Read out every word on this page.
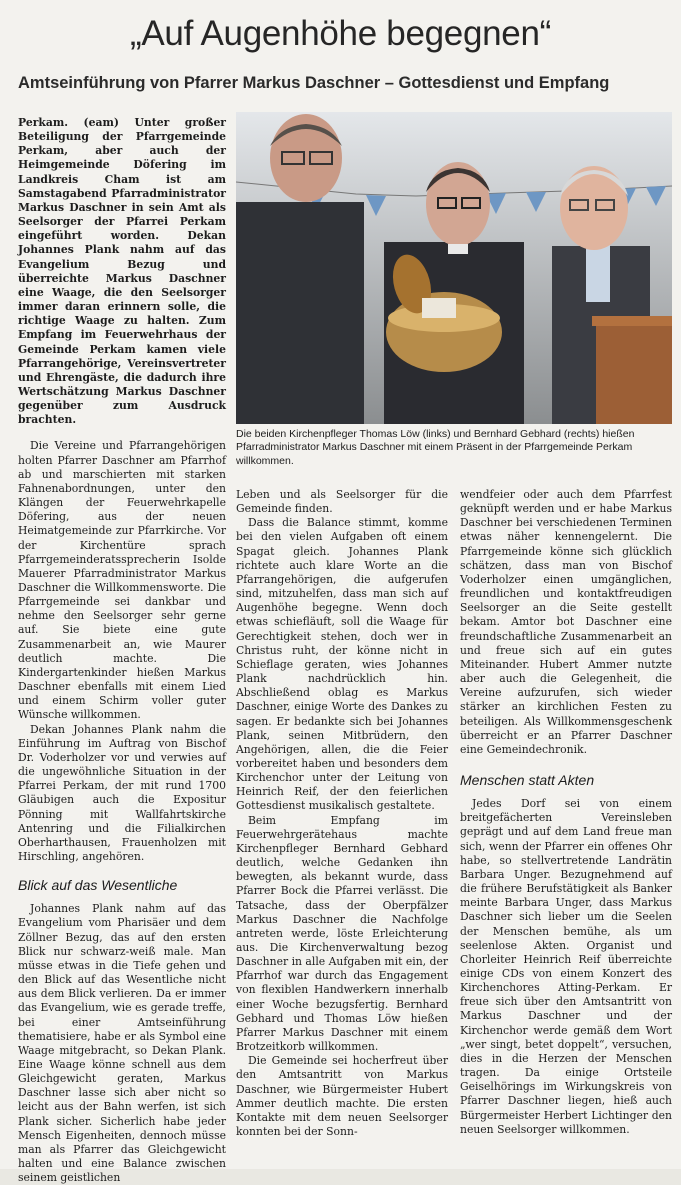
„Auf Augenhöhe begegnen“
Amtseinführung von Pfarrer Markus Daschner – Gottesdienst und Empfang

Perkam. (eam) Unter großer Beteiligung der Pfarrgemeinde Perkam, aber auch der Heimgemeinde Döfering im Landkreis Cham ist am Samstagabend Pfarradministrator Markus Daschner in sein Amt als Seelsorger der Pfarrei Perkam eingeführt worden. Dekan Johannes Plank nahm auf das Evangelium Bezug und überreichte Markus Daschner eine Waage, die den Seelsorger immer daran erinnern solle, die richtige Waage zu halten. Zum Empfang im Feuerwehrhaus der Gemeinde Perkam kamen viele Pfarrangehörige, Vereinsvertreter und Ehrengäste, die dadurch ihre Wertschätzung Markus Daschner gegenüber zum Ausdruck brachten.

Die Vereine und Pfarrangehörigen holten Pfarrer Daschner am Pfarrhof ab und marschierten mit starken Fahnenabordnungen, unter den Klängen der Feuerwehrkapelle Döfering, aus der neuen Heimatgemeinde zur Pfarrkirche. Vor der Kirchentüre sprach Pfarrgemeinderatssprecherin Isolde Mauerer Pfarradministrator Markus Daschner die Willkommensworte. Die Pfarrgemeinde sei dankbar und nehme den Seelsorger sehr gerne auf. Sie biete eine gute Zusammenarbeit an, wie Maurer deutlich machte. Die Kindergartenkinder hießen Markus Daschner ebenfalls mit einem Lied und einem Schirm voller guter Wünsche willkommen.

Dekan Johannes Plank nahm die Einführung im Auftrag von Bischof Dr. Voderholzer vor und verwies auf die ungewöhnliche Situation in der Pfarrei Perkam, der mit rund 1700 Gläubigen auch die Expositur Pönning mit Wallfahrtskirche Antenring und die Filialkirchen Oberharthausen, Frauenholzen mit Hirschling, angehören.

Blick auf das Wesentliche

Johannes Plank nahm auf das Evangelium vom Pharisäer und dem Zöllner Bezug, das auf den ersten Blick nur schwarz-weiß male. Man müsse etwas in die Tiefe gehen und den Blick auf das Wesentliche nicht aus dem Blick verlieren. Da er immer das Evangelium, wie es gerade treffe, bei einer Amtseinführung thematisiere, habe er als Symbol eine Waage mitgebracht, so Dekan Plank. Eine Waage könne schnell aus dem Gleichgewicht geraten, Markus Daschner lasse sich aber nicht so leicht aus der Bahn werfen, ist sich Plank sicher. Sicherlich habe jeder Mensch Eigenheiten, dennoch müsse man als Pfarrer das Gleichgewicht halten und eine Balance zwischen seinem geistlichen

Die beiden Kirchenpfleger Thomas Löw (links) und Bernhard Gebhard (rechts) hießen Pfarradministrator Markus Daschner mit einem Präsent in der Pfarrgemeinde Perkam willkommen.

Leben und als Seelsorger für die Gemeinde finden.

Dass die Balance stimmt, komme bei den vielen Aufgaben oft einem Spagat gleich. Johannes Plank richtete auch klare Worte an die Pfarrangehörigen, die aufgerufen sind, mitzuhelfen, dass man sich auf Augenhöhe begegne. Wenn doch etwas schiefläuft, soll die Waage für Gerechtigkeit stehen, doch wer in Christus ruht, der könne nicht in Schieflage geraten, wies Johannes Plank nachdrücklich hin. Abschließend oblag es Markus Daschner, einige Worte des Dankes zu sagen. Er bedankte sich bei Johannes Plank, seinen Mitbrüdern, den Angehörigen, allen, die die Feier vorbereitet haben und besonders dem Kirchenchor unter der Leitung von Heinrich Reif, der den feierlichen Gottesdienst musikalisch gestaltete.

Beim Empfang im Feuerwehrgerätehaus machte Kirchenpfleger Bernhard Gebhard deutlich, welche Gedanken ihn bewegten, als bekannt wurde, dass Pfarrer Bock die Pfarrei verlässt. Die Tatsache, dass der Oberpfälzer Markus Daschner die Nachfolge antreten werde, löste Erleichterung aus. Die Kirchenverwaltung bezog Daschner in alle Aufgaben mit ein, der Pfarrhof war durch das Engagement von flexiblen Handwerkern innerhalb einer Woche bezugsfertig. Bernhard Gebhard und Thomas Löw hießen Pfarrer Markus Daschner mit einem Brotzeitkorb willkommen.

Die Gemeinde sei hocherfreut über den Amtsantritt von Markus Daschner, wie Bürgermeister Hubert Ammer deutlich machte. Die ersten Kontakte mit dem neuen Seelsorger konnten bei der Sonn-

wendfeier oder auch dem Pfarrfest geknüpft werden und er habe Markus Daschner bei verschiedenen Terminen etwas näher kennengelernt. Die Pfarrgemeinde könne sich glücklich schätzen, dass man von Bischof Voderholzer einen umgänglichen, freundlichen und kontaktfreudigen Seelsorger an die Seite gestellt bekam. Amtor bot Daschner eine freundschaftliche Zusammenarbeit an und freue sich auf ein gutes Miteinander. Hubert Ammer nutzte aber auch die Gelegenheit, die Vereine aufzurufen, sich wieder stärker an kirchlichen Festen zu beteiligen. Als Willkommensgeschenk überreicht er an Pfarrer Daschner eine Gemeindechronik.

Menschen statt Akten

Jedes Dorf sei von einem breitgefächerten Vereinsleben geprägt und auf dem Land freue man sich, wenn der Pfarrer ein offenes Ohr habe, so stellvertretende Landrätin Barbara Unger. Bezugnehmend auf die frühere Berufstätigkeit als Banker meinte Barbara Unger, dass Markus Daschner sich lieber um die Seelen der Menschen bemühe, als um seelenlose Akten. Organist und Chorleiter Heinrich Reif überreichte einige CDs von einem Konzert des Kirchenchores Atting-Perkam. Er freue sich über den Amtsantritt von Markus Daschner und der Kirchenchor werde gemäß dem Wort „wer singt, betet doppelt“, versuchen, dies in die Herzen der Menschen tragen. Da einige Ortsteile Geiselhörings im Wirkungskreis von Pfarrer Daschner liegen, hieß auch Bürgermeister Herbert Lichtinger den neuen Seelsorger willkommen.
